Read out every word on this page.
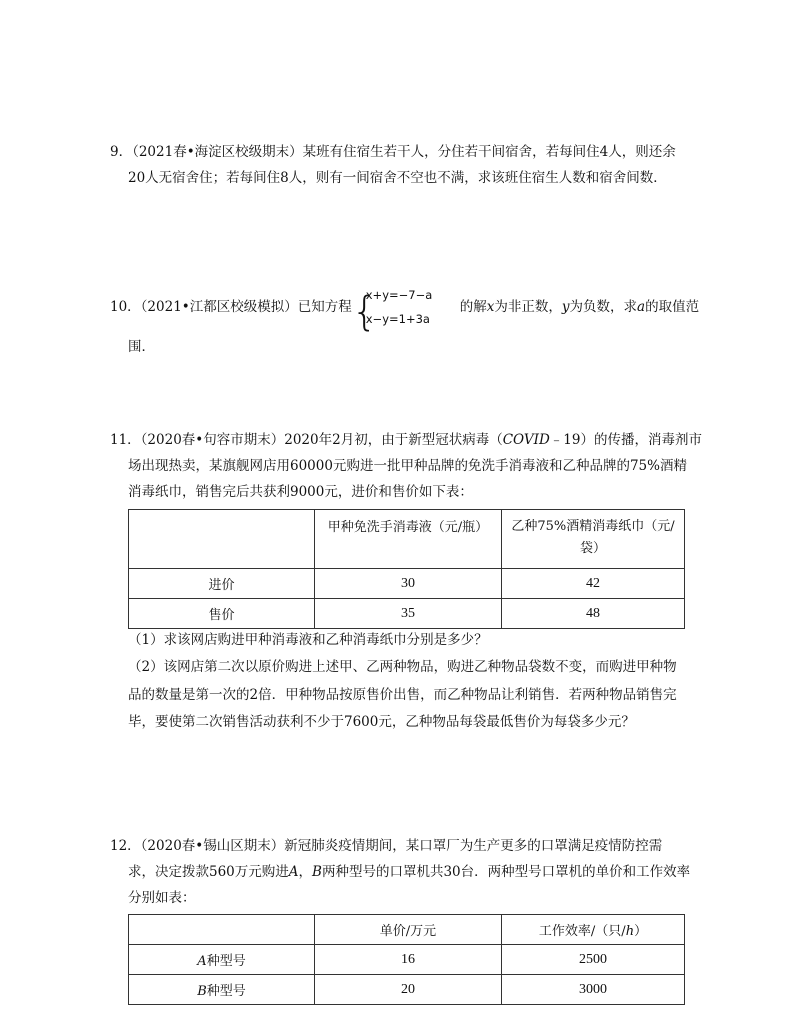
9．（2021春•海淀区校级期末）某班有住宿生若干人，分住若干间宿舍，若每间住4人，则还余
20人无宿舍住；若每间住8人，则有一间宿舍不空也不满，求该班住宿生人数和宿舍间数．
10．（2021•江都区校级模拟）已知方程 {
x+y=−7−a
x−y=1+3a
的解x为非正数，y为负数，求a的取值范
围．
11．（2020春•句容市期末）2020年2月初，由于新型冠状病毒（COVID﹣19）的传播，消毒剂市
场出现热卖，某旗舰网店用60000元购进一批甲种品牌的免洗手消毒液和乙种品牌的75%酒精
消毒纸巾，销售完后共获利9000元，进价和售价如下表：
	甲种免洗手消毒液（元/瓶）	乙种75%酒精消毒纸巾（元/
袋）
进价	30	42
售价	35	48
（1）求该网店购进甲种消毒液和乙种消毒纸巾分别是多少？
（2）该网店第二次以原价购进上述甲、乙两种物品，购进乙种物品袋数不变，而购进甲种物
品的数量是第一次的2倍．甲种物品按原售价出售，而乙种物品让利销售．若两种物品销售完
毕，要使第二次销售活动获利不少于7600元，乙种物品每袋最低售价为每袋多少元？
12．（2020春•锡山区期末）新冠肺炎疫情期间，某口罩厂为生产更多的口罩满足疫情防控需
求，决定拨款560万元购进A，B两种型号的口罩机共30台．两种型号口罩机的单价和工作效率
分别如表：
	单价/万元	工作效率/（只/h）
A种型号	16	2500
B种型号	20	3000
